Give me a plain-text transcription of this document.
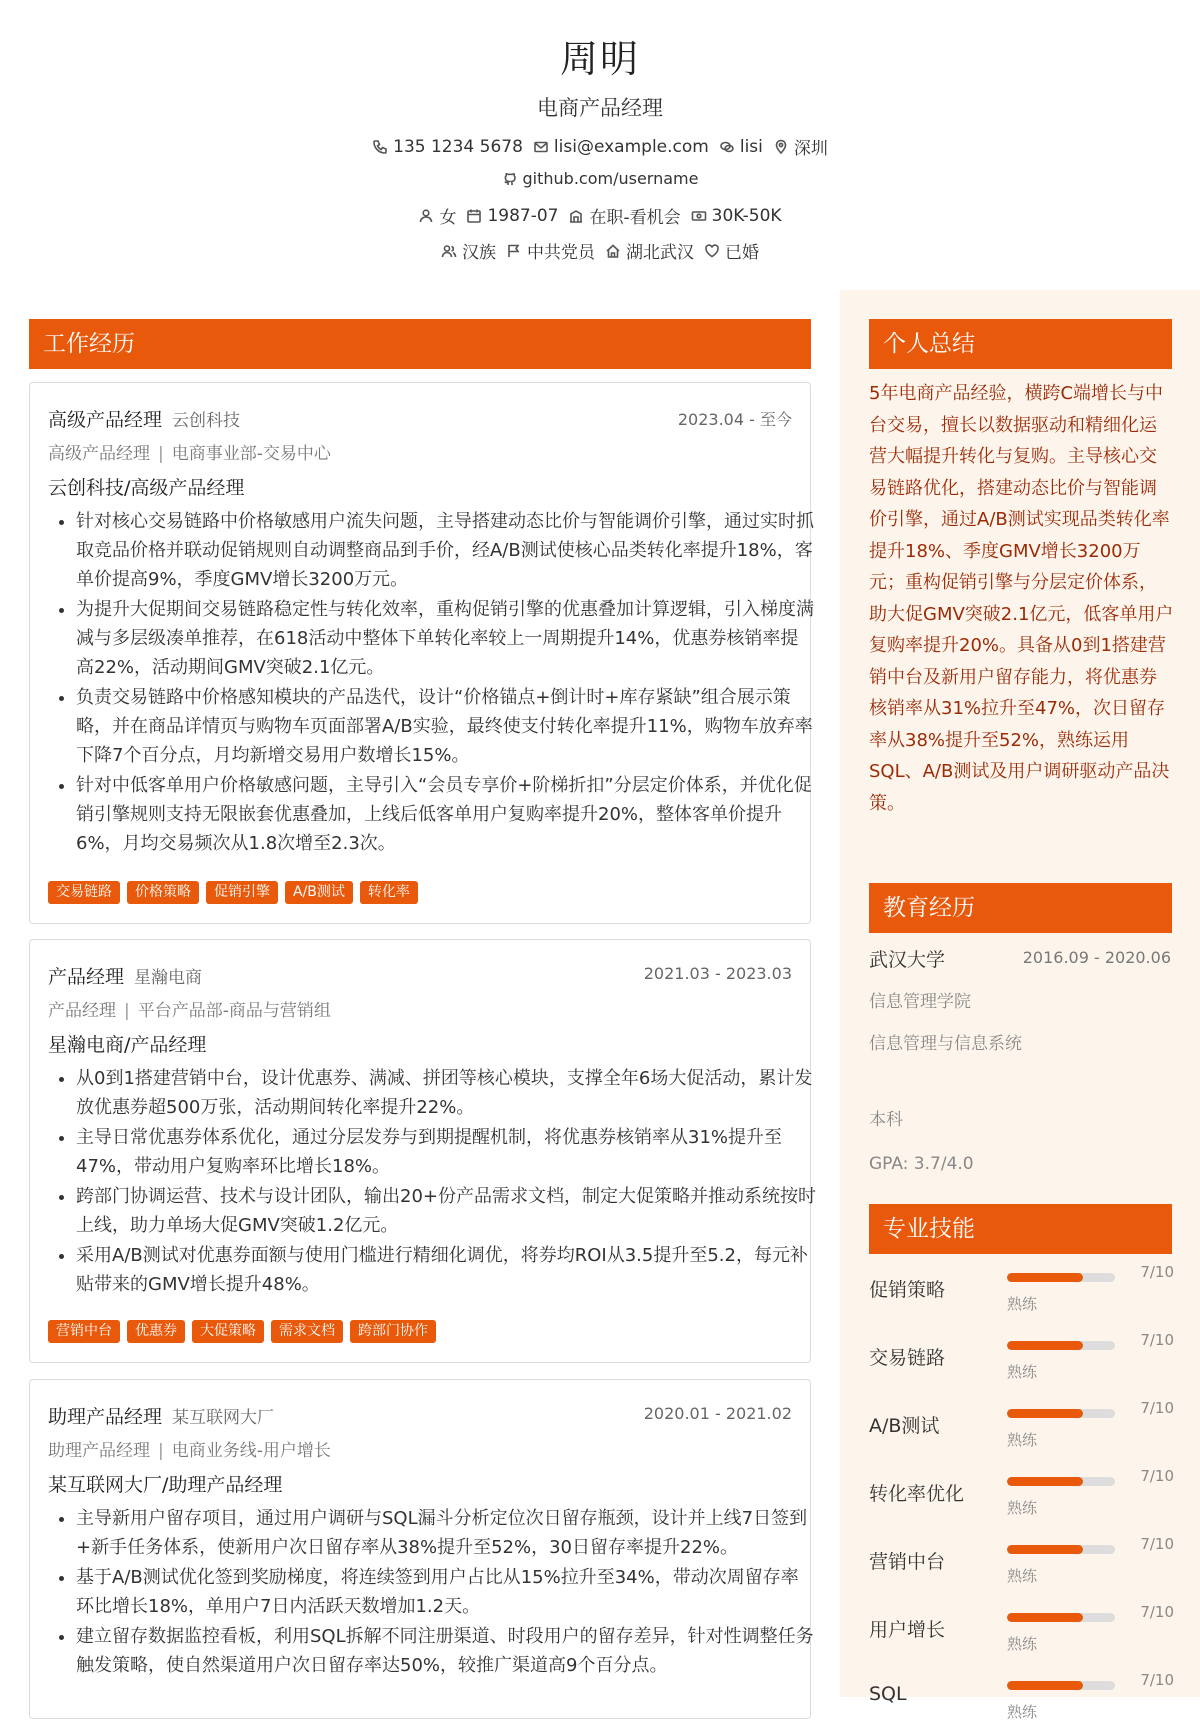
周明
电商产品经理
135 1234 5678 lisi@example.com lisi 深圳
github.com/username
女 1987-07 在职-看机会 30K-50K
汉族 中共党员 湖北武汉 已婚
工作经历
高级产品经理 云创科技	2023.04 - 至今
高级产品经理 | 电商事业部-交易中心
云创科技/高级产品经理
• 针对核心交易链路中价格敏感用户流失问题，主导搭建动态比价与智能调价引擎，通过实时抓取竞品价格并联动促销规则自动调整商品到手价，经A/B测试使核心品类转化率提升18%，客单价提高9%，季度GMV增长3200万元。
• 为提升大促期间交易链路稳定性与转化效率，重构促销引擎的优惠叠加计算逻辑，引入梯度满减与多层级凑单推荐，在618活动中整体下单转化率较上一周期提升14%，优惠券核销率提高22%，活动期间GMV突破2.1亿元。
• 负责交易链路中价格感知模块的产品迭代，设计“价格锚点+倒计时+库存紧缺”组合展示策略，并在商品详情页与购物车页面部署A/B实验，最终使支付转化率提升11%，购物车放弃率下降7个百分点，月均新增交易用户数增长15%。
• 针对中低客单用户价格敏感问题，主导引入“会员专享价+阶梯折扣”分层定价体系，并优化促销引擎规则支持无限嵌套优惠叠加，上线后低客单用户复购率提升20%，整体客单价提升6%，月均交易频次从1.8次增至2.3次。
交易链路	价格策略	促销引擎	A/B测试	转化率
产品经理 星瀚电商	2021.03 - 2023.03
产品经理 | 平台产品部-商品与营销组
星瀚电商/产品经理
• 从0到1搭建营销中台，设计优惠券、满减、拼团等核心模块，支撑全年6场大促活动，累计发放优惠券超500万张，活动期间转化率提升22%。
• 主导日常优惠券体系优化，通过分层发券与到期提醒机制，将优惠券核销率从31%提升至47%，带动用户复购率环比增长18%。
• 跨部门协调运营、技术与设计团队，输出20+份产品需求文档，制定大促策略并推动系统按时上线，助力单场大促GMV突破1.2亿元。
• 采用A/B测试对优惠券面额与使用门槛进行精细化调优，将券均ROI从3.5提升至5.2，每元补贴带来的GMV增长提升48%。
营销中台	优惠券	大促策略	需求文档	跨部门协作
助理产品经理 某互联网大厂	2020.01 - 2021.02
助理产品经理 | 电商业务线-用户增长
某互联网大厂/助理产品经理
• 主导新用户留存项目，通过用户调研与SQL漏斗分析定位次日留存瓶颈，设计并上线7日签到+新手任务体系，使新用户次日留存率从38%提升至52%，30日留存率提升22%。
• 基于A/B测试优化签到奖励梯度，将连续签到用户占比从15%拉升至34%，带动次周留存率环比增长18%，单用户7日内活跃天数增加1.2天。
• 建立留存数据监控看板，利用SQL拆解不同注册渠道、时段用户的留存差异，针对性调整任务触发策略，使自然渠道用户次日留存率达50%，较推广渠道高9个百分点。
个人总结

5年电商产品经验，横跨C端增长与中台交易，擅长以数据驱动和精细化运营大幅提升转化与复购。主导核心交易链路优化，搭建动态比价与智能调价引擎，通过A/B测试实现品类转化率提升18%、季度GMV增长3200万元；重构促销引擎与分层定价体系，助大促GMV突破2.1亿元，低客单用户复购率提升20%。具备从0到1搭建营销中台及新用户留存能力，将优惠券核销率从31%拉升至47%，次日留存率从38%提升至52%，熟练运用SQL、A/B测试及用户调研驱动产品决策。

教育经历
武汉大学	2016.09 - 2020.06
信息管理学院
信息管理与信息系统
本科
GPA: 3.7/4.0
专业技能
促销策略
7/10
熟练
交易链路
7/10
熟练
A/B测试
7/10
熟练
转化率优化
7/10
熟练
营销中台
7/10
熟练
用户增长
7/10
熟练
SQL
7/10
熟练
